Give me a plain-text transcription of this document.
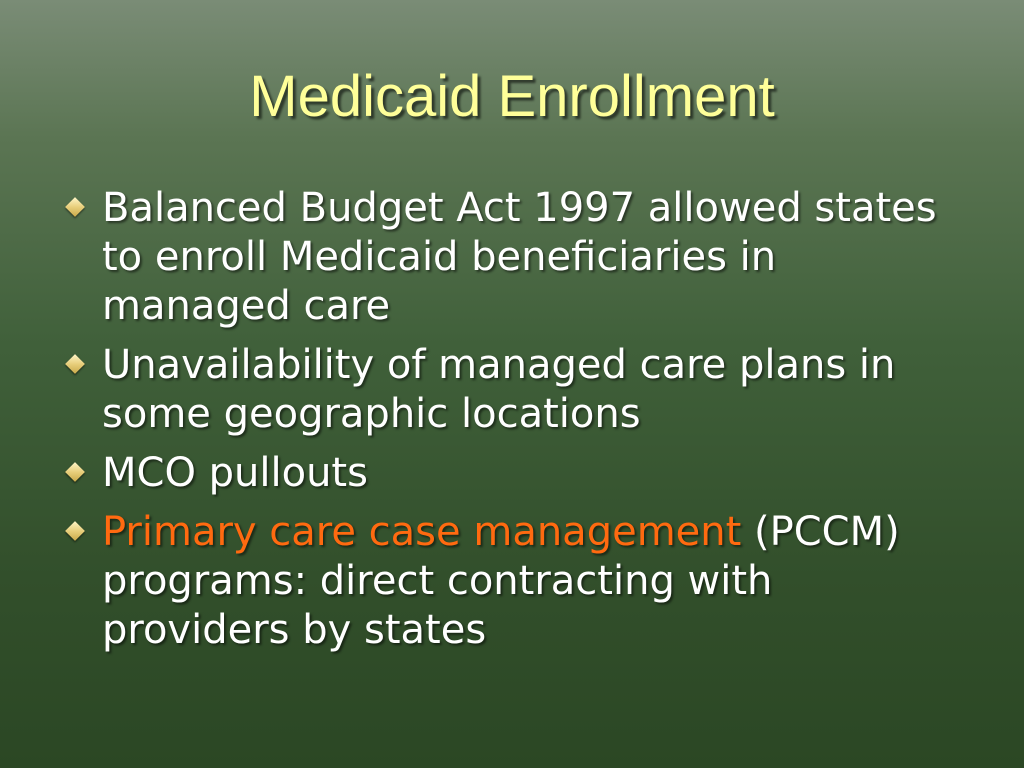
Medicaid Enrollment
Balanced Budget Act 1997 allowed states to enroll Medicaid beneficiaries in managed care
Unavailability of managed care plans in some geographic locations
MCO pullouts
Primary care case management (PCCM) programs: direct contracting with providers by states
